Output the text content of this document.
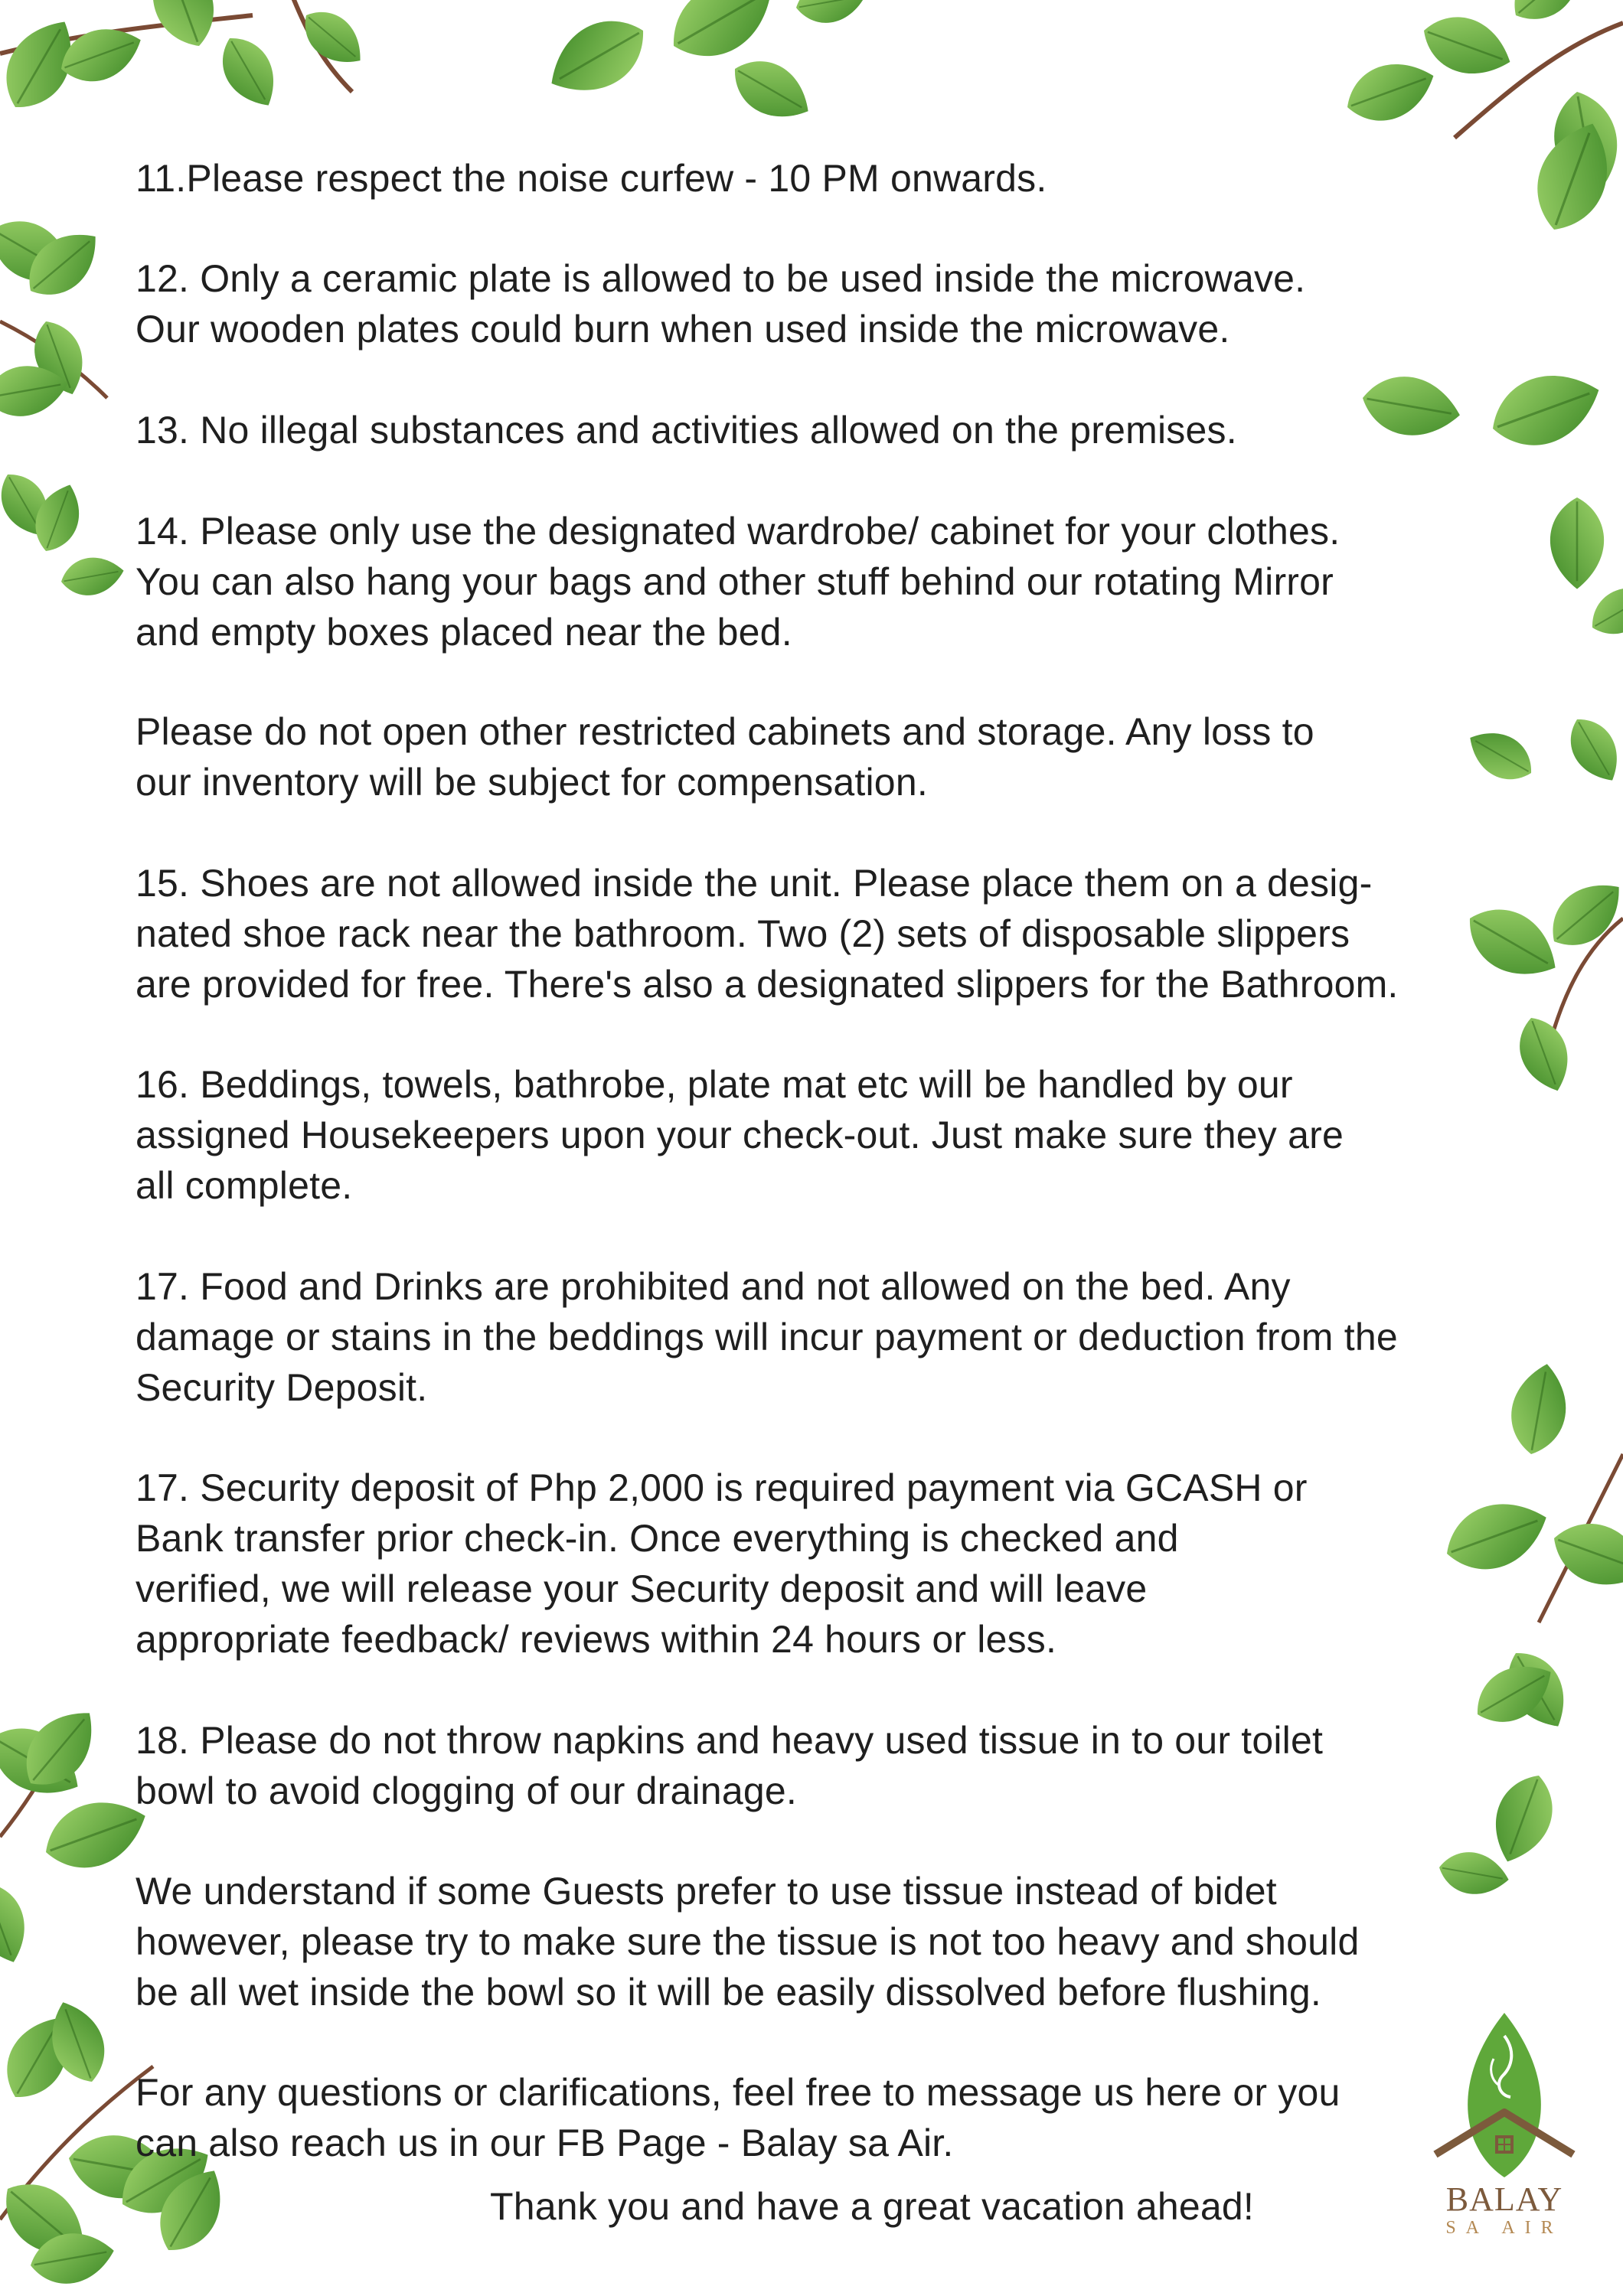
11.Please respect the noise curfew - 10 PM onwards.
12. Only a ceramic plate is allowed to be used inside the microwave.
Our wooden plates could burn when used inside the microwave.
13. No illegal substances and activities allowed on the premises.
14. Please only use the designated wardrobe/ cabinet for your clothes.
You can also hang your bags and other stuff behind our rotating Mirror
and empty boxes placed near the bed.
Please do not open other restricted cabinets and storage. Any loss to
our inventory will be subject for compensation.
15. Shoes are not allowed inside the unit. Please place them on a desig-
nated shoe rack near the bathroom. Two (2) sets of disposable slippers
are provided for free. There's also a designated slippers for the Bathroom.
16. Beddings, towels, bathrobe, plate mat etc will be handled by our
assigned Housekeepers upon your check-out. Just make sure they are
all complete.
17. Food and Drinks are prohibited and not allowed on the bed. Any
damage or stains in the beddings will incur payment or deduction from the
Security Deposit.
17. Security deposit of Php 2,000 is required payment via GCASH or
Bank transfer prior check-in. Once everything is checked and
verified, we will release your Security deposit and will leave
appropriate feedback/ reviews within 24 hours or less.
18. Please do not throw napkins and heavy used tissue in to our toilet
bowl to avoid clogging of our drainage.
We understand if some Guests prefer to use tissue instead of bidet
however, please try to make sure the tissue is not too heavy and should
be all wet inside the bowl so it will be easily dissolved before flushing.
For any questions or clarifications, feel free to message us here or you
can also reach us in our FB Page - Balay sa Air.
Thank you and have a great vacation ahead!	BALAY
SA AIR
